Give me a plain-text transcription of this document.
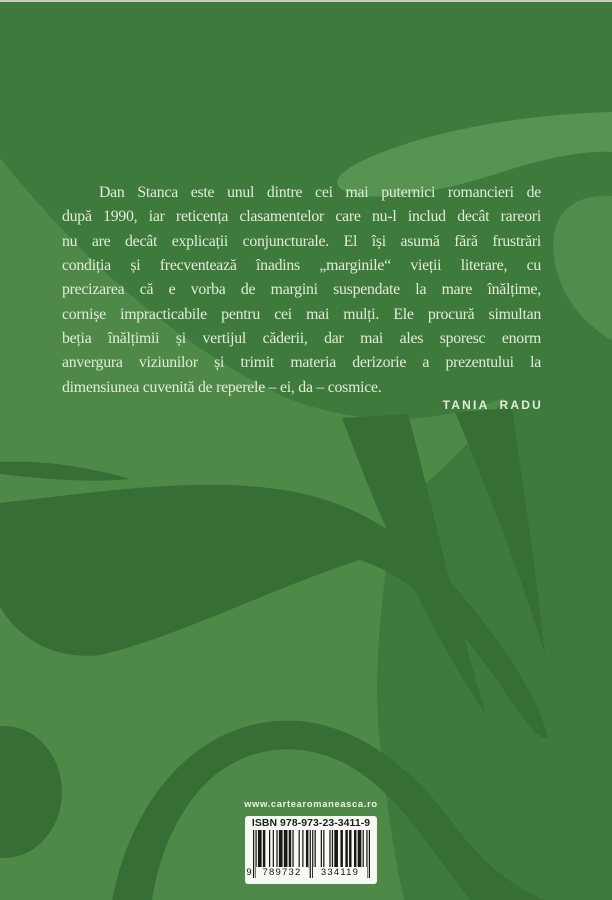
Dan Stanca este unul dintre cei mai puternici romancieri de
după 1990, iar reticența clasamentelor care nu-l includ decât rareori
nu are decât explicații conjuncturale. El își asumă fără frustrări
condiția și frecventează înadins „marginile“ vieții literare, cu
precizarea că e vorba de margini suspendate la mare înălțime,
cornișe impracticabile pentru cei mai mulți. Ele procură simultan
beția înălțimii și vertijul căderii, dar mai ales sporesc enorm
anvergura viziunilor și trimit materia derizorie a prezentului la
dimensiunea cuvenită de reperele – ei, da – cosmice.
TANIA RADU
www.cartearomaneasca.ro
ISBN 978-973-23-3411-9
9	789732	334119
